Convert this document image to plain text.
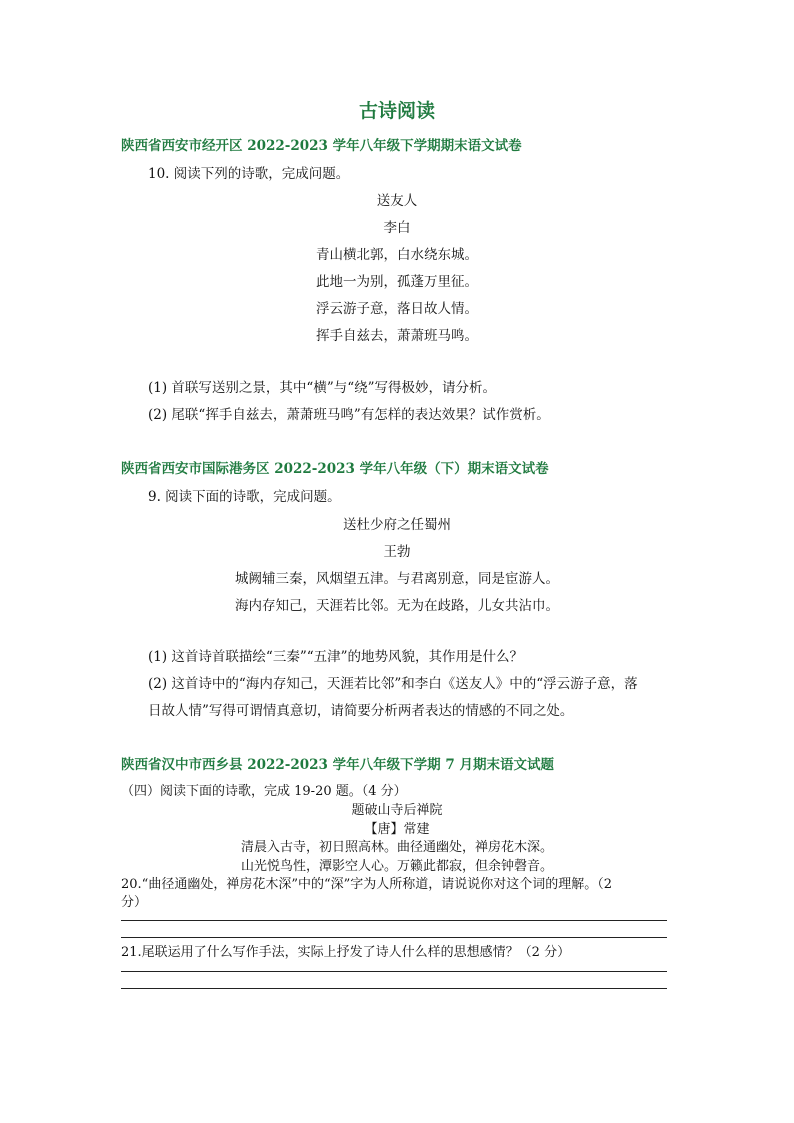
古诗阅读
陕西省西安市经开区 2022-2023 学年八年级下学期期末语文试卷
10. 阅读下列的诗歌，完成问题。
送友人
李白
青山横北郭，白水绕东城。
此地一为别，孤蓬万里征。
浮云游子意，落日故人情。
挥手自兹去，萧萧班马鸣。
(1) 首联写送别之景，其中“横”与“绕”写得极妙，请分析。
(2) 尾联“挥手自兹去，萧萧班马鸣”有怎样的表达效果？试作赏析。
陕西省西安市国际港务区 2022-2023 学年八年级（下）期末语文试卷
9. 阅读下面的诗歌，完成问题。
送杜少府之任蜀州
王勃
城阙辅三秦，风烟望五津。与君离别意，同是宦游人。
海内存知己，天涯若比邻。无为在歧路，儿女共沾巾。
(1) 这首诗首联描绘“三秦”“五津”的地势风貌，其作用是什么？
(2) 这首诗中的“海内存知己，天涯若比邻”和李白《送友人》中的“浮云游子意，落
日故人情”写得可谓情真意切，请简要分析两者表达的情感的不同之处。
陕西省汉中市西乡县 2022-2023 学年八年级下学期 7 月期末语文试题
（四）阅读下面的诗歌，完成 19-20 题。（4 分）
题破山寺后禅院
【唐】常建
清晨入古寺，初日照高林。曲径通幽处，禅房花木深。
山光悦鸟性，潭影空人心。万籁此都寂，但余钟磬音。
20.“曲径通幽处，禅房花木深”中的“深”字为人所称道，请说说你对这个词的理解。（2
分）
21.尾联运用了什么写作手法，实际上抒发了诗人什么样的思想感情？（2 分）
